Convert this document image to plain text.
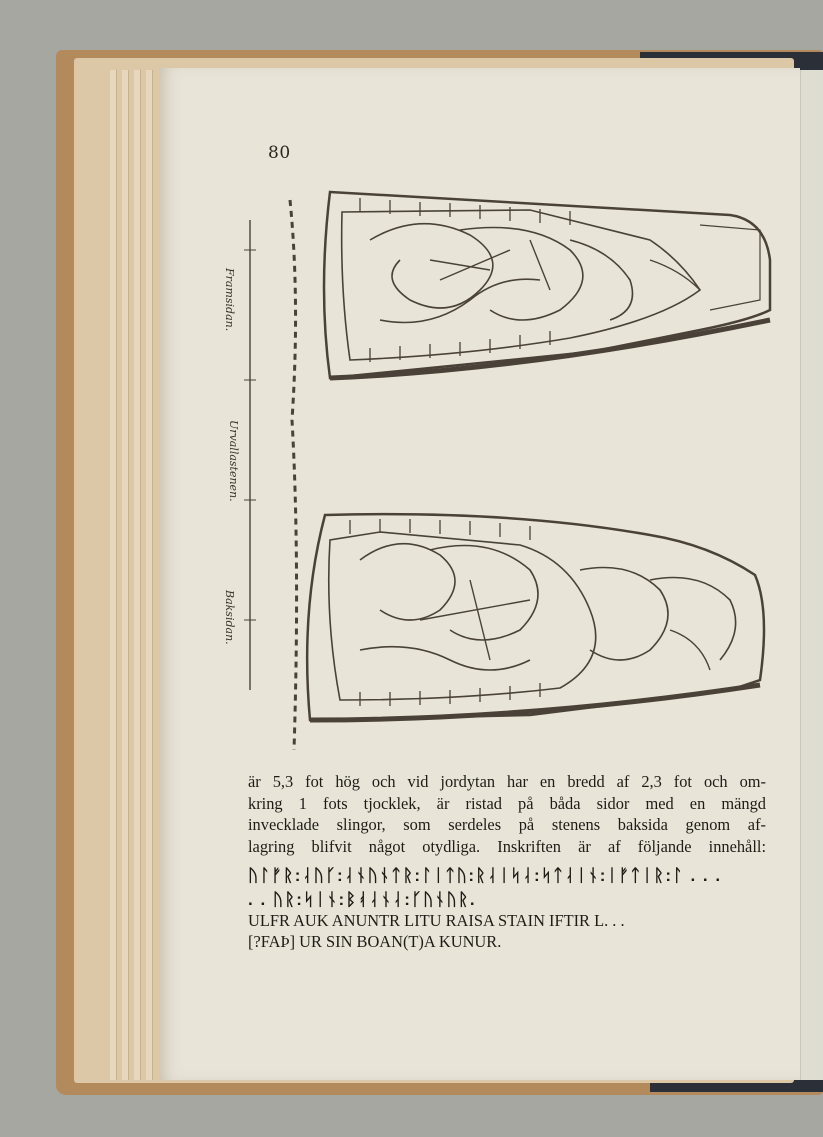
80
Framsidan.
Urvallastenen.
Baksidan.
är 5,3 fot hög och vid jordytan har en bredd af 2,3 fot och om-
kring 1 fots tjocklek, är ristad på båda sidor med en mängd
invecklade slingor, som serdeles på stenens baksida genom af-
lagring blifvit något otydliga. Inskriften är af följande innehåll:
ᚢᛚᚠᚱ:ᛆᚢᚴ:ᛆᚾᚢᚾᛏᚱ:ᛚᛁᛏᚢ:ᚱᛆᛁᛋᛆ:ᛋᛏᛆᛁᚾ:ᛁᚠᛏᛁᚱ:ᛚ . . .
. . ᚢᚱ:ᛋᛁᚾ:ᛒᚮᛆᚾᛆ:ᚴᚢᚾᚢᚱ.
ULFR AUK ANUNTR LITU RAISA STAIN IFTIR L. . .
[?FAÞ] UR SIN BOAN(T)A KUNUR.
